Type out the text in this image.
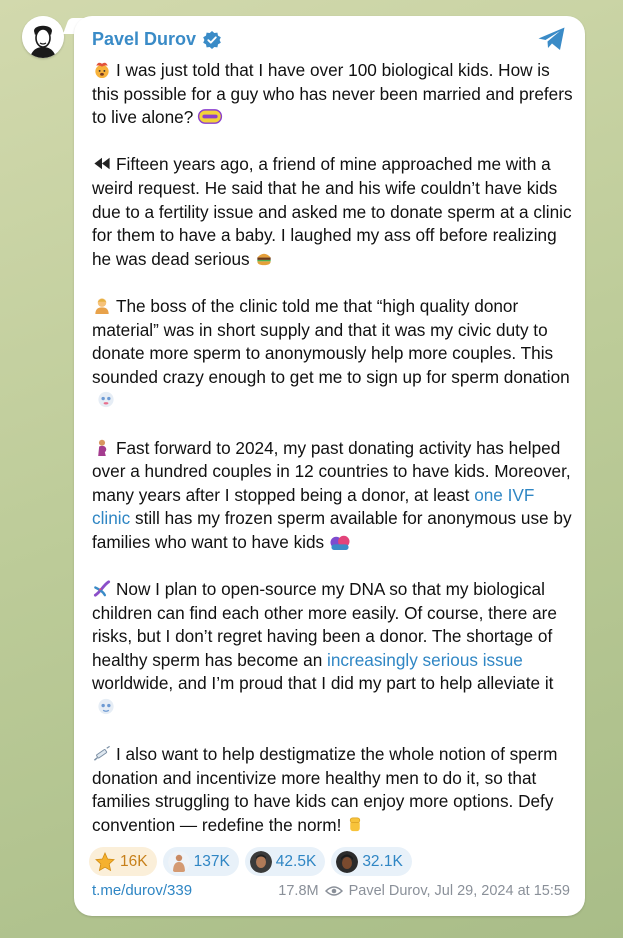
Pavel Durov

I was just told that I have over 100 biological kids. How is this possible for a guy who has never been married and prefers to live alone?

Fifteen years ago, a friend of mine approached me with a weird request. He said that he and his wife couldn’t have kids due to a fertility issue and asked me to donate sperm at a clinic for them to have a baby. I laughed my ass off before realizing he was dead serious

The boss of the clinic told me that “high quality donor material” was in short supply and that it was my civic duty to donate more sperm to anonymously help more couples. This sounded crazy enough to get me to sign up for sperm donation

Fast forward to 2024, my past donating activity has helped over a hundred couples in 12 countries to have kids. Moreover, many years after I stopped being a donor, at least one IVF clinic still has my frozen sperm available for anonymous use by families who want to have kids

Now I plan to open-source my DNA so that my biological children can find each other more easily. Of course, there are risks, but I don’t regret having been a donor. The shortage of healthy sperm has become an increasingly serious issue worldwide, and I’m proud that I did my part to help alleviate it

I also want to help destigmatize the whole notion of sperm donation and incentivize more healthy men to do it, so that families struggling to have kids can enjoy more options. Defy convention — redefine the norm!

16K	137K	42.5K	32.1K
t.me/durov/339	17.8M Pavel Durov, Jul 29, 2024 at 15:59
